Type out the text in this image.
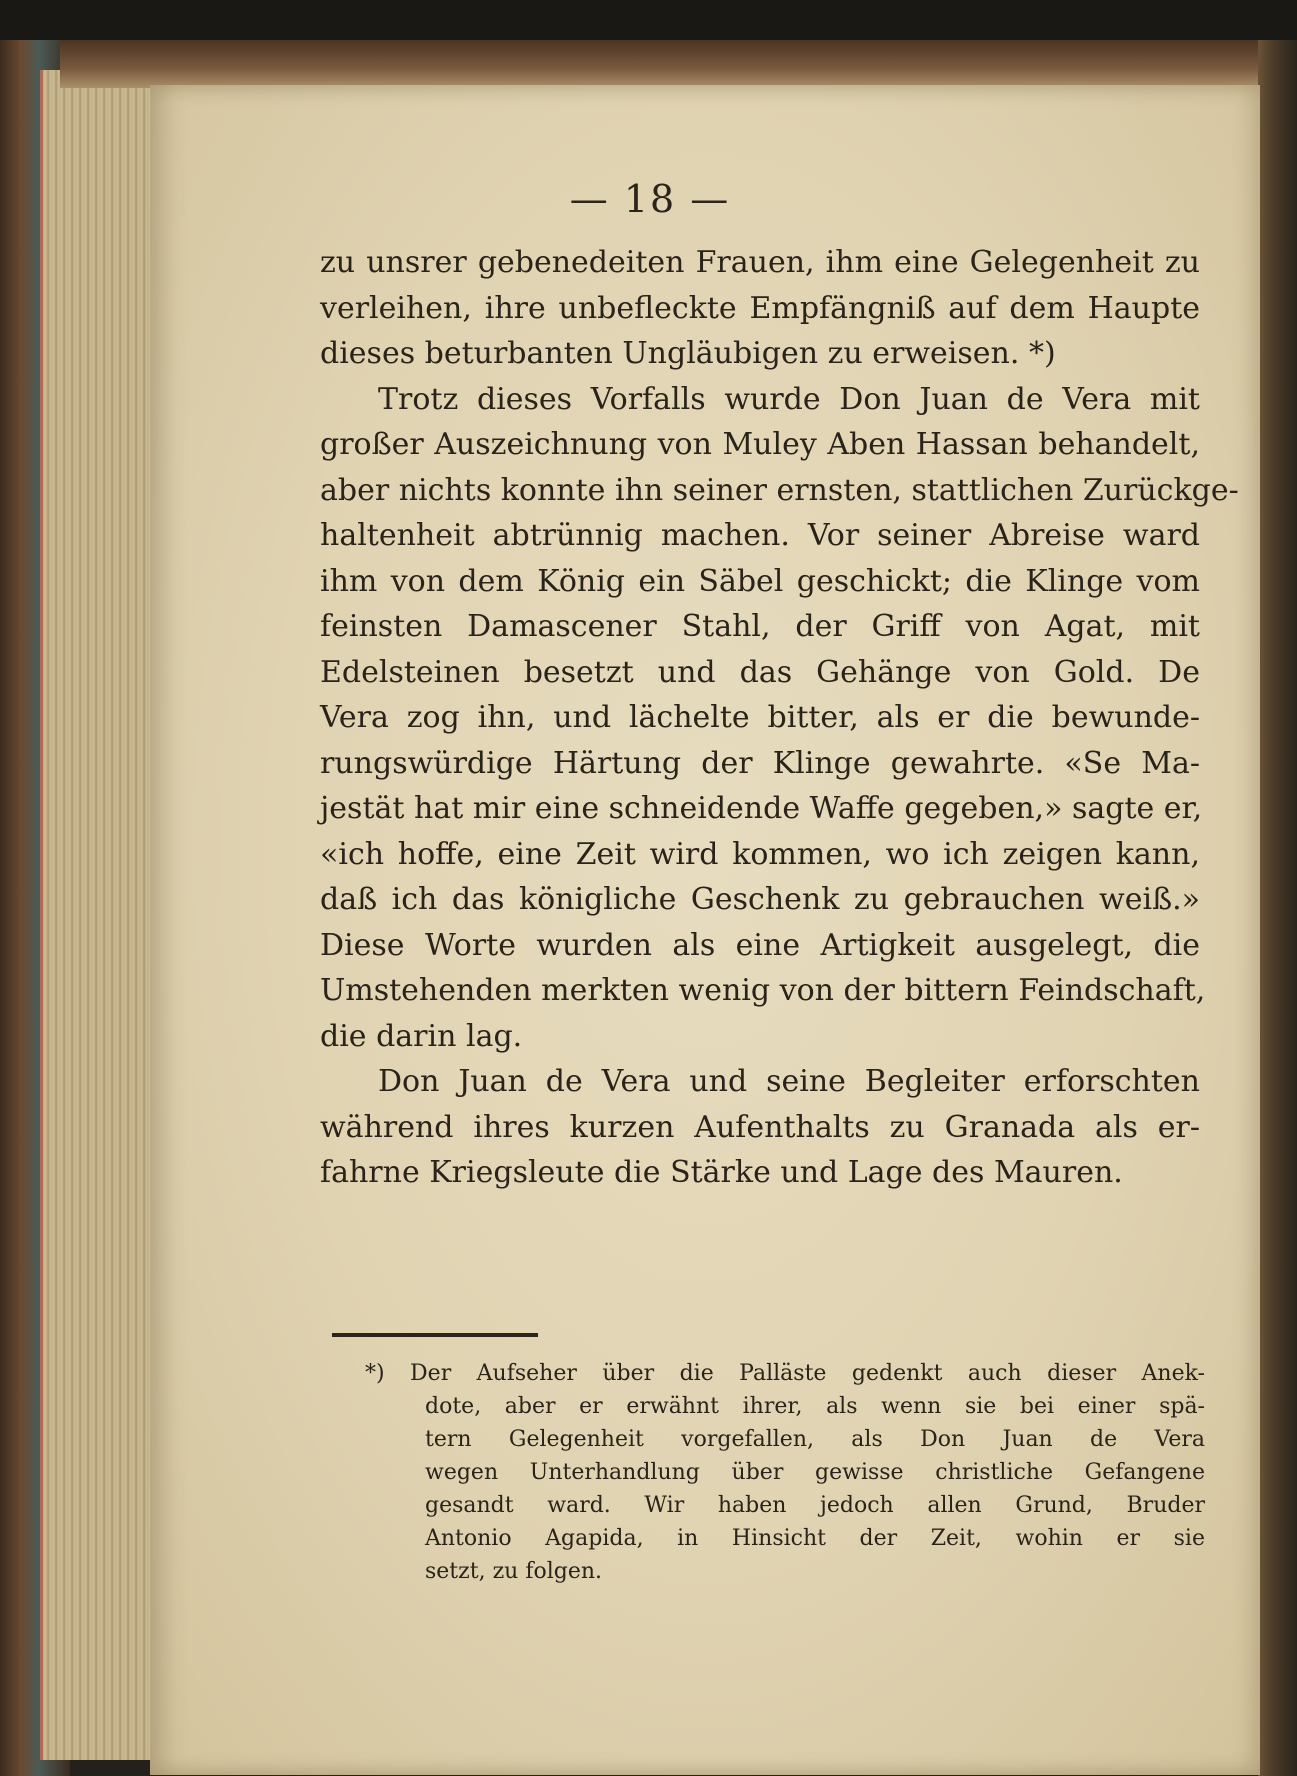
— 18 —
zu unsrer gebenedeiten Frauen, ihm eine Gelegenheit zu
verleihen, ihre unbefleckte Empfängniß auf dem Haupte
dieses beturbanten Ungläubigen zu erweisen. *)
Trotz dieses Vorfalls wurde Don Juan de Vera mit
großer Auszeichnung von Muley Aben Hassan behandelt,
aber nichts konnte ihn seiner ernsten, stattlichen Zurückge-
haltenheit abtrünnig machen. Vor seiner Abreise ward
ihm von dem König ein Säbel geschickt; die Klinge vom
feinsten Damascener Stahl, der Griff von Agat, mit
Edelsteinen besetzt und das Gehänge von Gold. De
Vera zog ihn, und lächelte bitter, als er die bewunde-
rungswürdige Härtung der Klinge gewahrte. «Se Ma-
jestät hat mir eine schneidende Waffe gegeben,» sagte er,
«ich hoffe, eine Zeit wird kommen, wo ich zeigen kann,
daß ich das königliche Geschenk zu gebrauchen weiß.»
Diese Worte wurden als eine Artigkeit ausgelegt, die
Umstehenden merkten wenig von der bittern Feindschaft,
die darin lag.
Don Juan de Vera und seine Begleiter erforschten
während ihres kurzen Aufenthalts zu Granada als er-
fahrne Kriegsleute die Stärke und Lage des Mauren.
*) Der Aufseher über die Palläste gedenkt auch dieser Anek-
dote, aber er erwähnt ihrer, als wenn sie bei einer spä-
tern Gelegenheit vorgefallen, als Don Juan de Vera
wegen Unterhandlung über gewisse christliche Gefangene
gesandt ward. Wir haben jedoch allen Grund, Bruder
Antonio Agapida, in Hinsicht der Zeit, wohin er sie
setzt, zu folgen.
